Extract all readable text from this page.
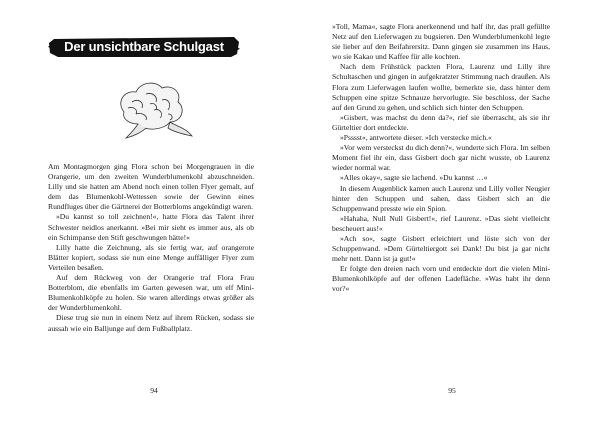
Der unsichtbare Schulgast

Am Montagmorgen ging Flora schon bei Morgengrauen in die Orangerie, um den zweiten Wunderblumenkohl abzuschneiden. Lilly und sie hatten am Abend noch einen tollen Flyer gemalt, auf dem das Blumenkohl-Wettessen sowie der Gewinn eines Rundfluges über die Gärtnerei der Botterbloms angekündigt waren.

»Du kannst so toll zeichnen!«, hatte Flora das Talent ihrer Schwester neidlos anerkannt. »Bei mir sieht es immer aus, als ob ein Schimpanse den Stift geschwungen hätte!«

Lilly hatte die Zeichnung, als sie fertig war, auf orangerote Blätter kopiert, sodass sie nun eine Menge auffälliger Flyer zum Verteilen besaßen.

Auf dem Rückweg von der Orangerie traf Flora Frau Botterblom, die ebenfalls im Garten gewesen war, um elf Mini-Blumenkohlköpfe zu holen. Sie waren allerdings etwas größer als der Wunderblumenkohl.

Diese trug sie nun in einem Netz auf ihrem Rücken, sodass sie aussah wie ein Balljunge auf dem Fußballplatz.

94	95

»Toll, Mama«, sagte Flora anerkennend und half ihr, das prall gefüllte Netz auf den Lieferwagen zu bugsieren. Den Wunderblumenkohl legte sie lieber auf den Beifahrersitz. Dann gingen sie zusammen ins Haus, wo sie Kakao und Kaffee für alle kochten.

Nach dem Frühstück packten Flora, Laurenz und Lilly ihre Schultaschen und gingen in aufgekratzter Stimmung nach draußen. Als Flora zum Lieferwagen laufen wollte, bemerkte sie, dass hinter dem Schuppen eine spitze Schnauze hervorlugte. Sie beschloss, der Sache auf den Grund zu gehen, und schlich sich hinter den Schuppen.

»Gisbert, was machst du denn da?«, rief sie überrascht, als sie ihr Gürteltier dort entdeckte.

»Psssst«, antwortete dieser. »Ich verstecke mich.«

»Vor wem versteckst du dich denn?«, wunderte sich Flora. Im selben Moment fiel ihr ein, dass Gisbert doch gar nicht wusste, ob Laurenz wieder normal war.

»Alles okay«, sagte sie lachend. »Du kannst …«

In diesem Augenblick kamen auch Laurenz und Lilly voller Neugier hinter den Schuppen und sahen, dass Gisbert sich an die Schuppenwand presste wie ein Spion.

»Hahaha, Null Null Gisbert!«, rief Laurenz. »Das sieht vielleicht bescheuert aus!«

»Ach so«, sagte Gisbert erleichtert und löste sich von der Schuppenwand. »Dem Gürteltiergott sei Dank! Du bist ja gar nicht mehr nett. Dann ist ja gut!«

Er folgte den dreien nach vorn und entdeckte dort die vielen Mini-Blumenkohlköpfe auf der offenen Ladefläche. »Was habt ihr denn vor?«
